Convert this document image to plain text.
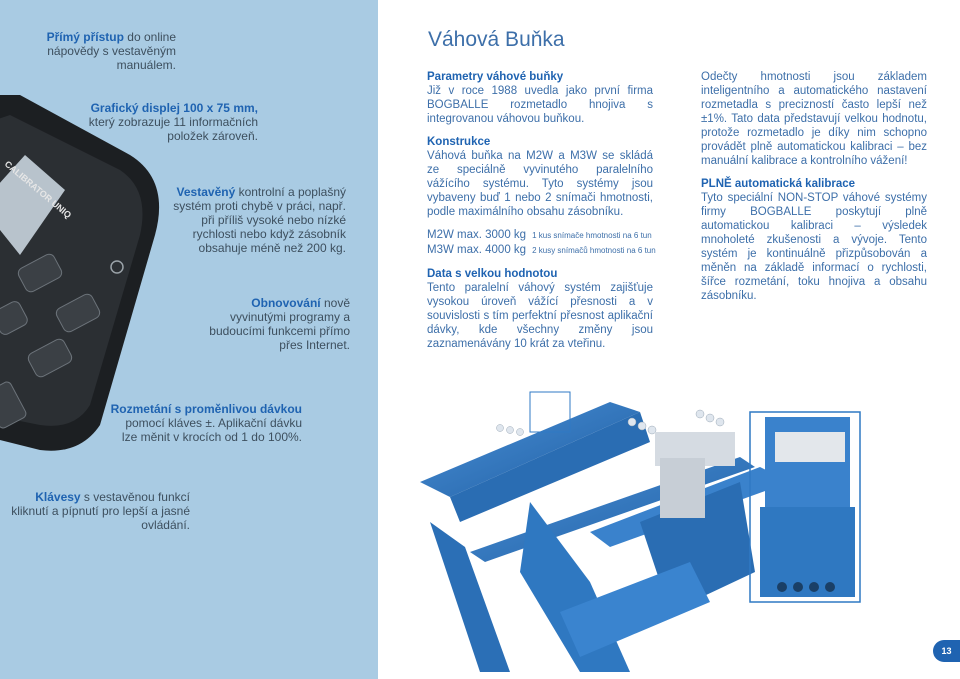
CALIBRATOR UNIQ
Přímý přístup do online nápovědy s vestavěným manuálem.
Grafický displej 100 x 75 mm, který zobrazuje 11 informačních položek zároveň.
Vestavěný kontrolní a poplašný systém proti chybě v práci, např. při příliš vysoké nebo nízké rychlosti nebo když zásobník obsahuje méně než 200 kg.
Obnovování nově vyvinutými programy a budoucími funkcemi přímo přes Internet.
Rozmetání s proměnlivou dávkou pomocí kláves ±. Aplikační dávku lze měnit v krocích od 1 do 100%.
Klávesy s vestavěnou funkcí kliknutí a pípnutí pro lepší a jasné ovládání.
Váhová Buňka

Parametry váhové buňky
Již v roce 1988 uvedla jako první firma BOGBALLE rozmetadlo hnojiva s integrovanou váhovou buňkou.

Konstrukce
Váhová buňka na M2W a M3W se skládá ze speciálně vyvinutého paralelního vážícího systému. Tyto systémy jsou vybaveny buď 1 nebo 2 snímači hmotnosti, podle maximálního obsahu zásobníku.

M2W max. 3000 kg 1 kus snímače hmotnosti na 6 tun
M3W max. 4000 kg 2 kusy snímačů hmotnosti na 6 tun

Data s velkou hodnotou
Tento paralelní váhový systém zajišťuje vysokou úroveň vážící přesnosti a v souvislosti s tím perfektní přesnost aplikační dávky, kde všechny změny jsou zaznamenávány 10 krát za vteřinu.

Odečty hmotnosti jsou základem inteligentního a automatického nastavení rozmetadla s precizností často lepší než ±1%. Tato data představují velkou hodnotu, protože rozmetadlo je díky nim schopno provádět plně automatickou kalibraci – bez manuální kalibrace a kontrolního vážení!

PLNĚ automatická kalibrace
Tyto speciální NON-STOP váhové systémy firmy BOGBALLE poskytují plně automatickou kalibraci – výsledek mnoholeté zkušenosti a vývoje. Tento systém je kontinuálně přizpůsobován a měněn na základě informací o rychlosti, šířce rozmetání, toku hnojiva a obsahu zásobníku.

13
